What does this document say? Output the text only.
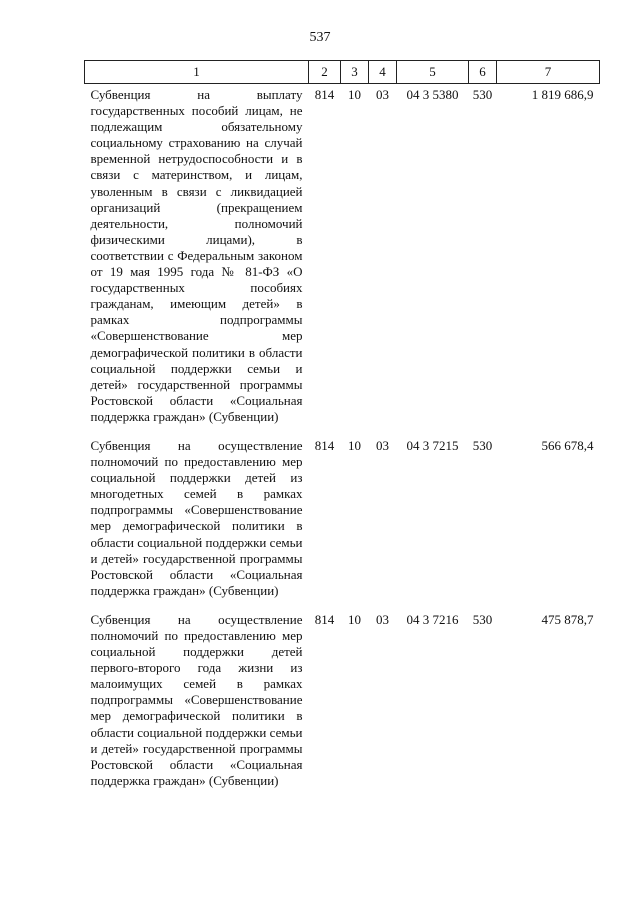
537
1	2	3	4	5	6	7
Субвенция на выплату государственных пособий лицам, не подлежащим обязательному социальному страхованию на случай временной нетрудоспособности и в связи с материнством, и лицам, уволенным в связи с ликвидацией организаций (прекращением деятельности, полномочий физическими лицами), в соответствии с Федеральным законом от 19 мая 1995 года № 81-ФЗ «О государственных пособиях гражданам, имеющим детей» в рамках подпрограммы «Совершенствование мер демографической политики в области социальной поддержки семьи и детей» государственной программы Ростовской области «Социальная поддержка граждан» (Субвенции)	814	10	03	04 3 5380	530	1 819 686,9
Субвенция на осуществление полномочий по предоставлению мер социальной поддержки детей из многодетных семей в рамках подпрограммы «Совершенствование мер демографической политики в области социальной поддержки семьи и детей» государственной программы Ростовской области «Социальная поддержка граждан» (Субвенции)	814	10	03	04 3 7215	530	566 678,4
Субвенция на осуществление полномочий по предоставлению мер социальной поддержки детей первого-второго года жизни из малоимущих семей в рамках подпрограммы «Совершенствование мер демографической политики в области социальной поддержки семьи и детей» государственной программы Ростовской области «Социальная поддержка граждан» (Субвенции)	814	10	03	04 3 7216	530	475 878,7
